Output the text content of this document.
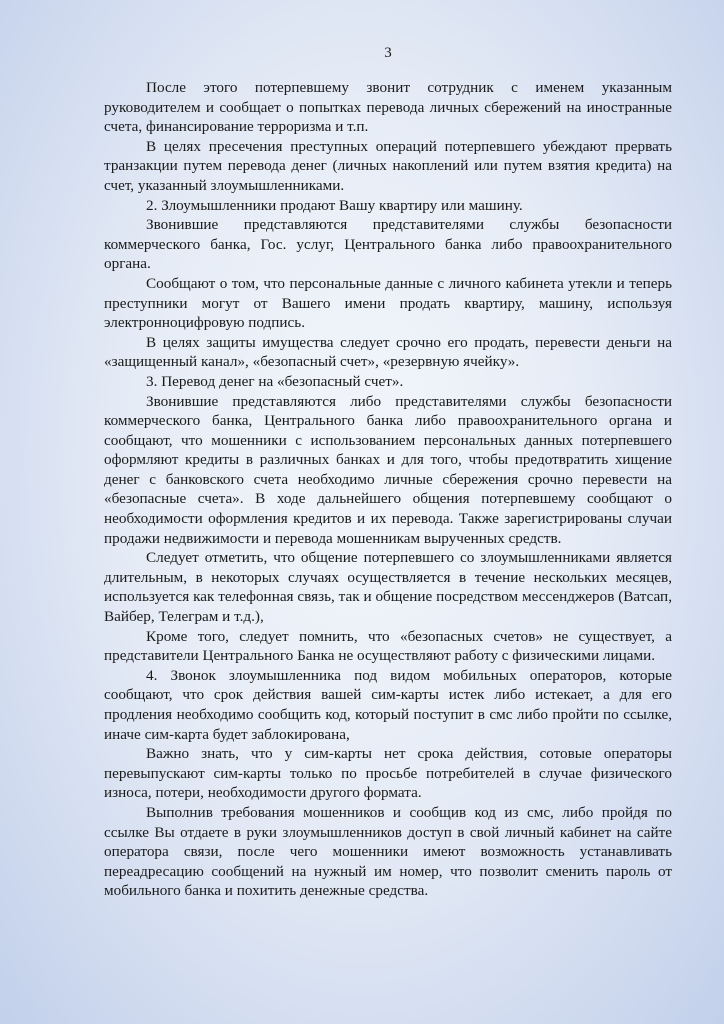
3

После этого потерпевшему звонит сотрудник с именем указанным руководителем и сообщает о попытках перевода личных сбережений на иностранные счета, финансирование терроризма и т.п.

В целях пресечения преступных операций потерпевшего убеждают прервать транзакции путем перевода денег (личных накоплений или путем взятия кредита) на счет, указанный злоумышленниками.

2. Злоумышленники продают Вашу квартиру или машину.

Звонившие представляются представителями службы безопасности коммерческого банка, Гос. услуг, Центрального банка либо правоохранительного органа.

Сообщают о том, что персональные данные с личного кабинета утекли и теперь преступники могут от Вашего имени продать квартиру, машину, используя электронноцифровую подпись.

В целях защиты имущества следует срочно его продать, перевести деньги на «защищенный канал», «безопасный счет», «резервную ячейку».

3. Перевод денег на «безопасный счет».

Звонившие представляются либо представителями службы безопасности коммерческого банка, Центрального банка либо правоохранительного органа и сообщают, что мошенники с использованием персональных данных потерпевшего оформляют кредиты в различных банках и для того, чтобы предотвратить хищение денег с банковского счета необходимо личные сбережения срочно перевести на «безопасные счета». В ходе дальнейшего общения потерпевшему сообщают о необходимости оформления кредитов и их перевода. Также зарегистрированы случаи продажи недвижимости и перевода мошенникам вырученных средств.

Следует отметить, что общение потерпевшего со злоумышленниками является длительным, в некоторых случаях осуществляется в течение нескольких месяцев, используется как телефонная связь, так и общение посредством мессенджеров (Ватсап, Вайбер, Телеграм и т.д.),

Кроме того, следует помнить, что «безопасных счетов» не существует, а представители Центрального Банка не осуществляют работу с физическими лицами.

4. Звонок злоумышленника под видом мобильных операторов, которые сообщают, что срок действия вашей сим-карты истек либо истекает, а для его продления необходимо сообщить код, который поступит в смс либо пройти по ссылке, иначе сим-карта будет заблокирована,

Важно знать, что у сим-карты нет срока действия, сотовые операторы перевыпускают сим-карты только по просьбе потребителей в случае физического износа, потери, необходимости другого формата.

Выполнив требования мошенников и сообщив код из смс, либо пройдя по ссылке Вы отдаете в руки злоумышленников доступ в свой личный кабинет на сайте оператора связи, после чего мошенники имеют возможность устанавливать переадресацию сообщений на нужный им номер, что позволит сменить пароль от мобильного банка и похитить денежные средства.
